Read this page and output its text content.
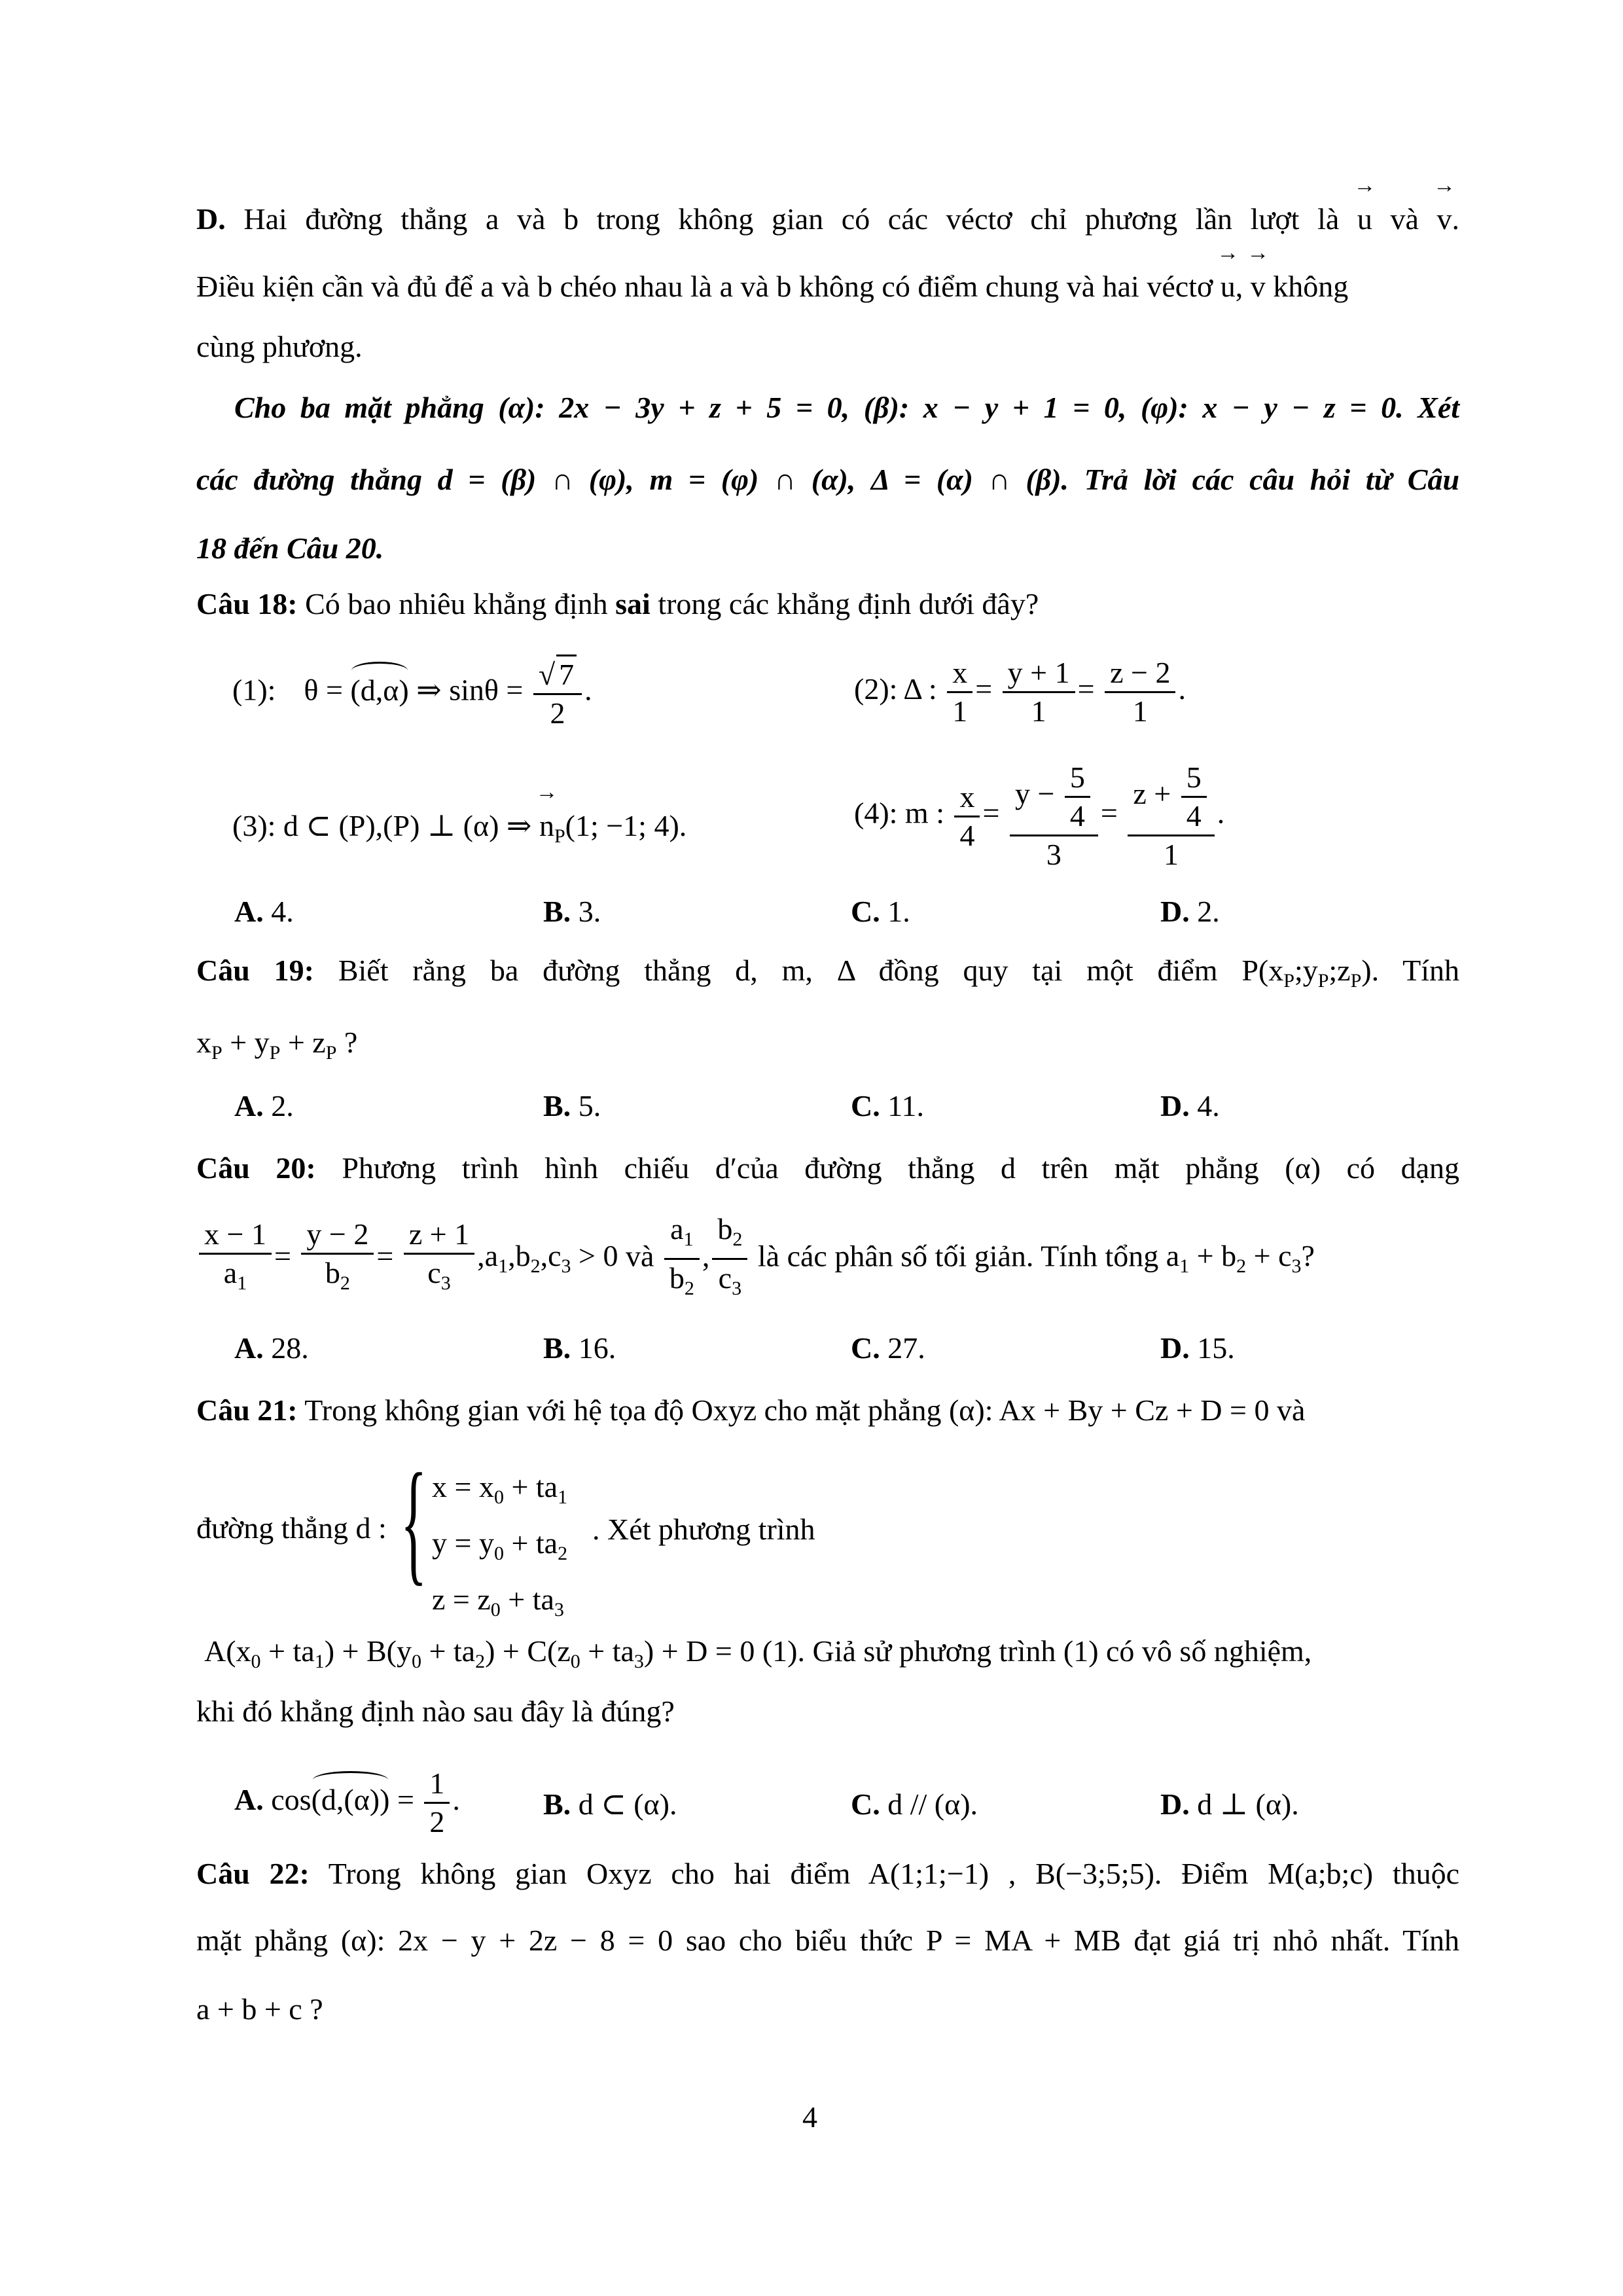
D. Hai đường thẳng a và b trong không gian có các véctơ chỉ phương lần lượt là → u và → v.
Điều kiện cần và đủ để a và b chéo nhau là a và b không có điểm chung và hai véctơ → u, → v không
cùng phương.
Cho ba mặt phẳng (α): 2x − 3y + z + 5 = 0, (β): x − y + 1 = 0, (φ): x − y − z = 0. Xét
các đường thẳng d = (β) ∩ (φ), m = (φ) ∩ (α), Δ = (α) ∩ (β). Trả lời các câu hỏi từ Câu
18 đến Câu 20.
Câu 18: Có bao nhiêu khẳng định sai trong các khẳng định dưới đây?
(1): θ = (d,α) ⇒ $\sin\theta = \frac{√ 7}{2}$ .	(2): Δ : $\frac{x}{1} = \frac{y + 1}{1} = \frac{z - 2}{1}$ .
(3): d ⊂ (P),(P) ⊥ (α) ⇒ → $n_P(1$; −1; 4).	(4): m : $\frac{x}{4} = \frac{y - \frac{5}{4}}{3} = \frac{z + \frac{5}{4}}{1}$ .
A. 4.	B. 3.	C. 1.	D. 2.
Câu 19: Biết rằng ba đường thẳng d, m, Δ đồng quy tại một điểm $P(x_P;y_P;z_P)$. Tính
$x_P + y_P + z_P$ ?
A. 2.	B. 5.	C. 11.	D. 4.
Câu 20: Phương trình hình chiếu d′của đường thẳng d trên mặt phẳng (α) có dạng
$\frac{x - 1}{a_1} = \frac{y - 2}{b_2} = \frac{z + 1}{c_3} ,a_1,b_2,c_3 > 0$ và $\frac{a_1}{b_2}$ , $\frac{b_2}{c_3}$ là các phân số tối giản. Tính tổng $a_1 + b_2 + c_3$?
A. 28.	B. 16.	C. 27.	D. 15.
Câu 21: Trong không gian với hệ tọa độ Oxyz cho mặt phẳng (α): Ax + By + Cz + D = 0 và
đường thẳng d : { $x = x_0 + ta_1$
$y = y_0 + ta_2$
$z = z_0 + ta_3$
. Xét phương trình
$A(x_0 + ta_1) + B(y_0 + ta_2) + C(z_0 + ta_3) + D = 0$ (1). Giả sử phương trình (1) có vô số nghiệm,
khi đó khẳng định nào sau đây là đúng?
A. $\cos(d,(\alpha)) = \frac{1}{2}$ .	B. d ⊂ (α).	C. d // (α).	D. d ⊥ (α).
Câu 22: Trong không gian Oxyz cho hai điểm A(1;1;−1) , B(−3;5;5). Điểm M(a;b;c) thuộc
mặt phẳng (α): 2x − y + 2z − 8 = 0 sao cho biểu thức P = MA + MB đạt giá trị nhỏ nhất. Tính
a + b + c ?
4
